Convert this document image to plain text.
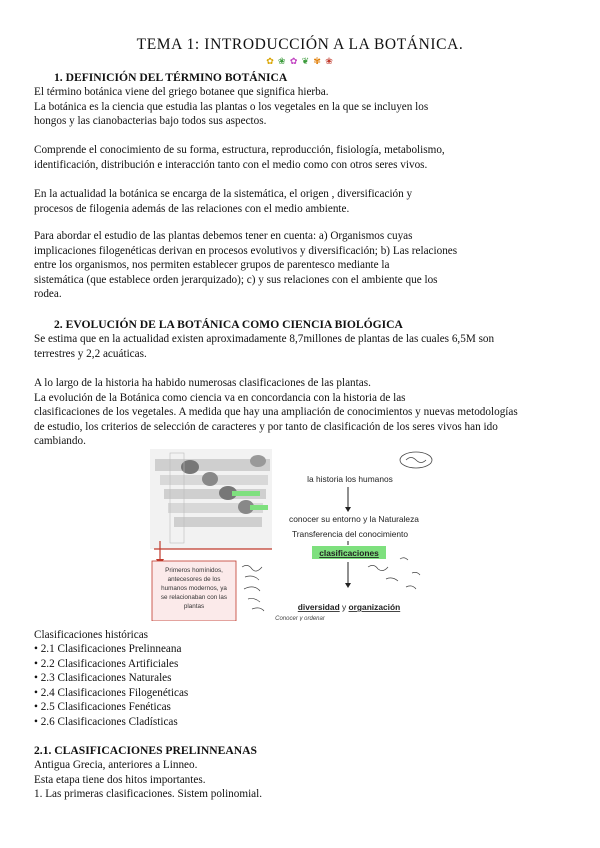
TEMA 1: INTRODUCCIÓN A LA BOTÁNICA.
✿ ❀ ✿ ❦ ✾ ❀
1. DEFINICIÓN DEL TÉRMINO BOTÁNICA
El término botánica viene del griego botanee que significa hierba.
La botánica es la ciencia que estudia las plantas o los vegetales en la que se incluyen los
hongos y las cianobacterias bajo todos sus aspectos.
Comprende el conocimiento de su forma, estructura, reproducción, fisiología, metabolismo,
identificación, distribución e interacción tanto con el medio como con otros seres vivos.
En la actualidad la botánica se encarga de la sistemática, el origen , diversificación y
procesos de filogenia además de las relaciones con el medio ambiente.
Para abordar el estudio de las plantas debemos tener en cuenta: a) Organismos cuyas
implicaciones filogenéticas derivan en procesos evolutivos y diversificación; b) Las relaciones
entre los organismos, nos permiten establecer grupos de parentesco mediante la
sistemática (que establece orden jerarquizado); c) y sus relaciones con el ambiente que los
rodea.
2. EVOLUCIÓN DE LA BOTÁNICA COMO CIENCIA BIOLÓGICA
Se estima que en la actualidad existen aproximadamente 8,7millones de plantas de las cuales 6,5M son
terrestres y 2,2 acuáticas.
A lo largo de la historia ha habido numerosas clasificaciones de las plantas.
La evolución de la Botánica como ciencia va en concordancia con la historia de las
clasificaciones de los vegetales. A medida que hay una ampliación de conocimientos y nuevas metodologías
de estudio, los criterios de selección de caracteres y por tanto de clasificación de los seres vivos han ido
cambiando.
Primeros homínidos,
antecesores de los
humanos modernos, ya
se relacionaban con las
plantas
la historia los humanos
conocer su entorno y la Naturaleza
Transferencia del conocimiento
clasificaciones
diversidad y organización
Conocer y ordenar
Clasificaciones históricas
• 2.1 Clasificaciones Prelinneana
• 2.2 Clasificaciones Artificiales
• 2.3 Clasificaciones Naturales
• 2.4 Clasificaciones Filogenéticas
• 2.5 Clasificaciones Fenéticas
• 2.6 Clasificaciones Cladísticas
2.1. CLASIFICACIONES PRELINNEANAS
Antigua Grecia, anteriores a Linneo.
Esta etapa tiene dos hitos importantes.
1. Las primeras clasificaciones. Sistem polinomial.
